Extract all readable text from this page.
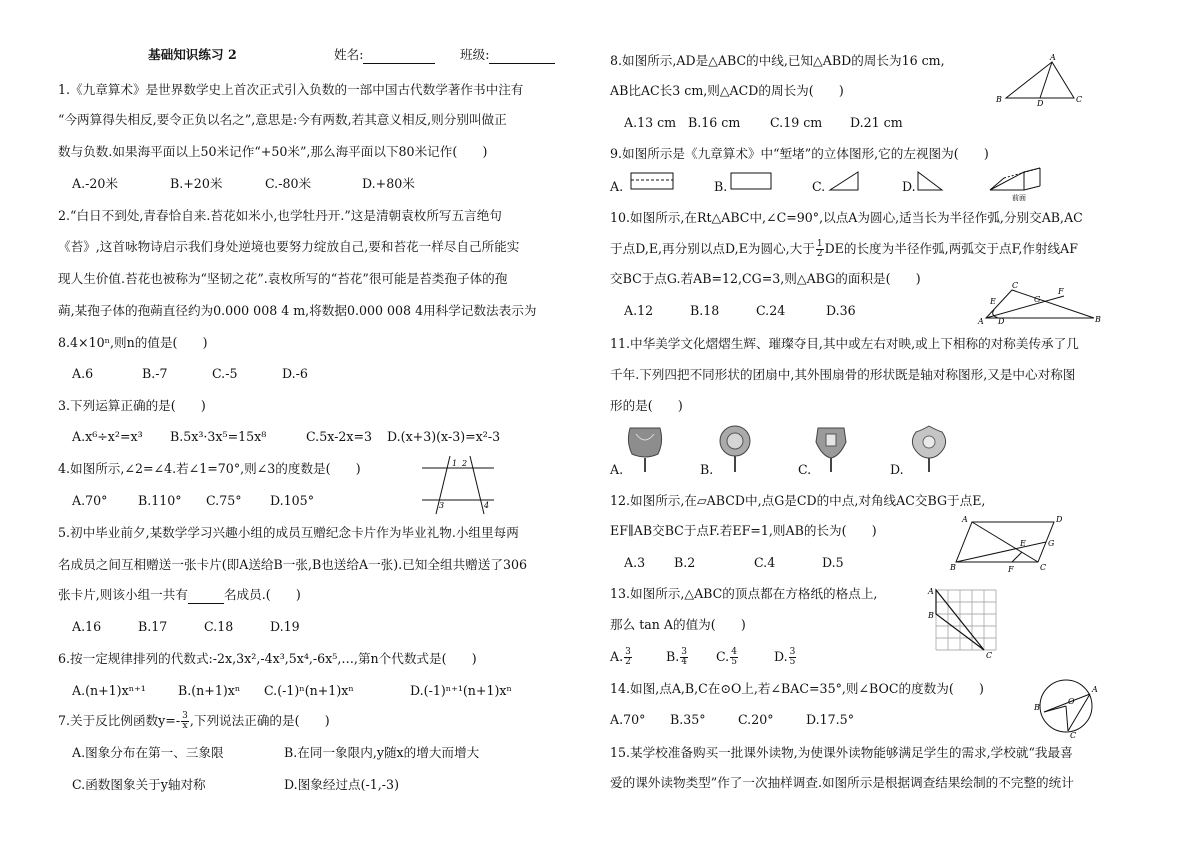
基础知识练习 2	姓名:	班级:
1.《九章算术》是世界数学史上首次正式引入负数的一部中国古代数学著作书中注有
“今两算得失相反,要令正负以名之”,意思是:今有两数,若其意义相反,则分别叫做正
数与负数.如果海平面以上50米记作“+50米”,那么海平面以下80米记作(　　)
A.-20米	B.+20米	C.-80米	D.+80米
2.“白日不到处,青春恰自来.苔花如米小,也学牡丹开.”这是清朝袁枚所写五言绝句
《苔》,这首咏物诗启示我们身处逆境也要努力绽放自己,要和苔花一样尽自己所能实
现人生价值.苔花也被称为“坚韧之花”.袁枚所写的“苔花”很可能是苔类孢子体的孢
蒴,某孢子体的孢蒴直径约为0.000 008 4 m,将数据0.000 008 4用科学记数法表示为
8.4×10ⁿ,则n的值是(　　)
A.6	B.-7	C.-5	D.-6
3.下列运算正确的是(　　)
A.x⁶÷x²=x³ B.5x³·3x⁵=15x⁸	C.5x-2x=3 D.(x+3)(x-3)=x²-3
4.如图所示,∠2=∠4.若∠1=70°,则∠3的度数是(　　)
A.70° B.110° C.75° D.105°
1 2
3	4
5.初中毕业前夕,某数学学习兴趣小组的成员互赠纪念卡片作为毕业礼物.小组里每两
名成员之间互相赠送一张卡片(即A送给B一张,B也送给A一张).已知全组共赠送了306
张卡片,则该小组一共有	名成员.(　　)
A.16	B.17	C.18	D.19
6.按一定规律排列的代数式:-2x,3x²,-4x³,5x⁴,-6x⁵,…,第n个代数式是(　　)
A.(n+1)xⁿ⁺¹	B.(n+1)xⁿ C.(-1)ⁿ(n+1)xⁿ	D.(-1)ⁿ⁺¹(n+1)xⁿ
7.关于反比例函数$y=- \frac{3}{x}$ ,下列说法正确的是(　　)
A.图象分布在第一、三象限	B.在同一象限内,y随x的增大而增大
C.函数图象关于y轴对称	D.图象经过点(-1,-3)
8.如图所示,AD是△ABC的中线,已知△ABD的周长为16 cm,
AB比AC长3 cm,则△ACD的周长为(　　)
A.13 cm B.16 cm C.19 cm D.21 cm
A
B	D	C
9.如图所示是《九章算术》中“堑堵”的立体图形,它的左视图为(　　)
A.	B.	C.	D.
前面
10.如图所示,在Rt△ABC中,∠C=90°,以点A为圆心,适当长为半径作弧,分别交AB,AC
于点D,E,再分别以点D,E为圆心,大于 $\frac{1}{2}$ DE的长度为半径作弧,两弧交于点F,作射线AF
交BC于点G.若AB=12,CG=3,则△ABG的面积是(　　)
A.12	B.18	C.24	D.36
C
E	G
F
A D	B
11.中华美学文化熠熠生辉、璀璨夺目,其中或左右对映,或上下相称的对称美传承了几
千年.下列四把不同形状的团扇中,其外围扇骨的形状既是轴对称图形,又是中心对称图
形的是(　　)
A.	B.	C.	D.
12.如图所示,在▱ABCD中,点G是CD的中点,对角线AC交BG于点E,
EF∥AB交BC于点F.若EF=1,则AB的长为(　　)
A.3 B.2	C.4	D.5
A	D
E	G
B	F	C
13.如图所示,△ABC的顶点都在方格纸的格点上,
那么 tan A的值为(　　)
A. $\frac{3}{2}$	B. $\frac{3}{4} C$. $\frac{4}{5}$	D. $\frac{3}{5}$
A
B
C
14.如图,点A,B,C在⊙O上,若∠BAC=35°,则∠BOC的度数为(　　)
A.70° B.35°	C.20°	D.17.5°
A
B
O
C
15.某学校准备购买一批课外读物,为使课外读物能够满足学生的需求,学校就“我最喜
爱的课外读物类型”作了一次抽样调查.如图所示是根据调查结果绘制的不完整的统计
